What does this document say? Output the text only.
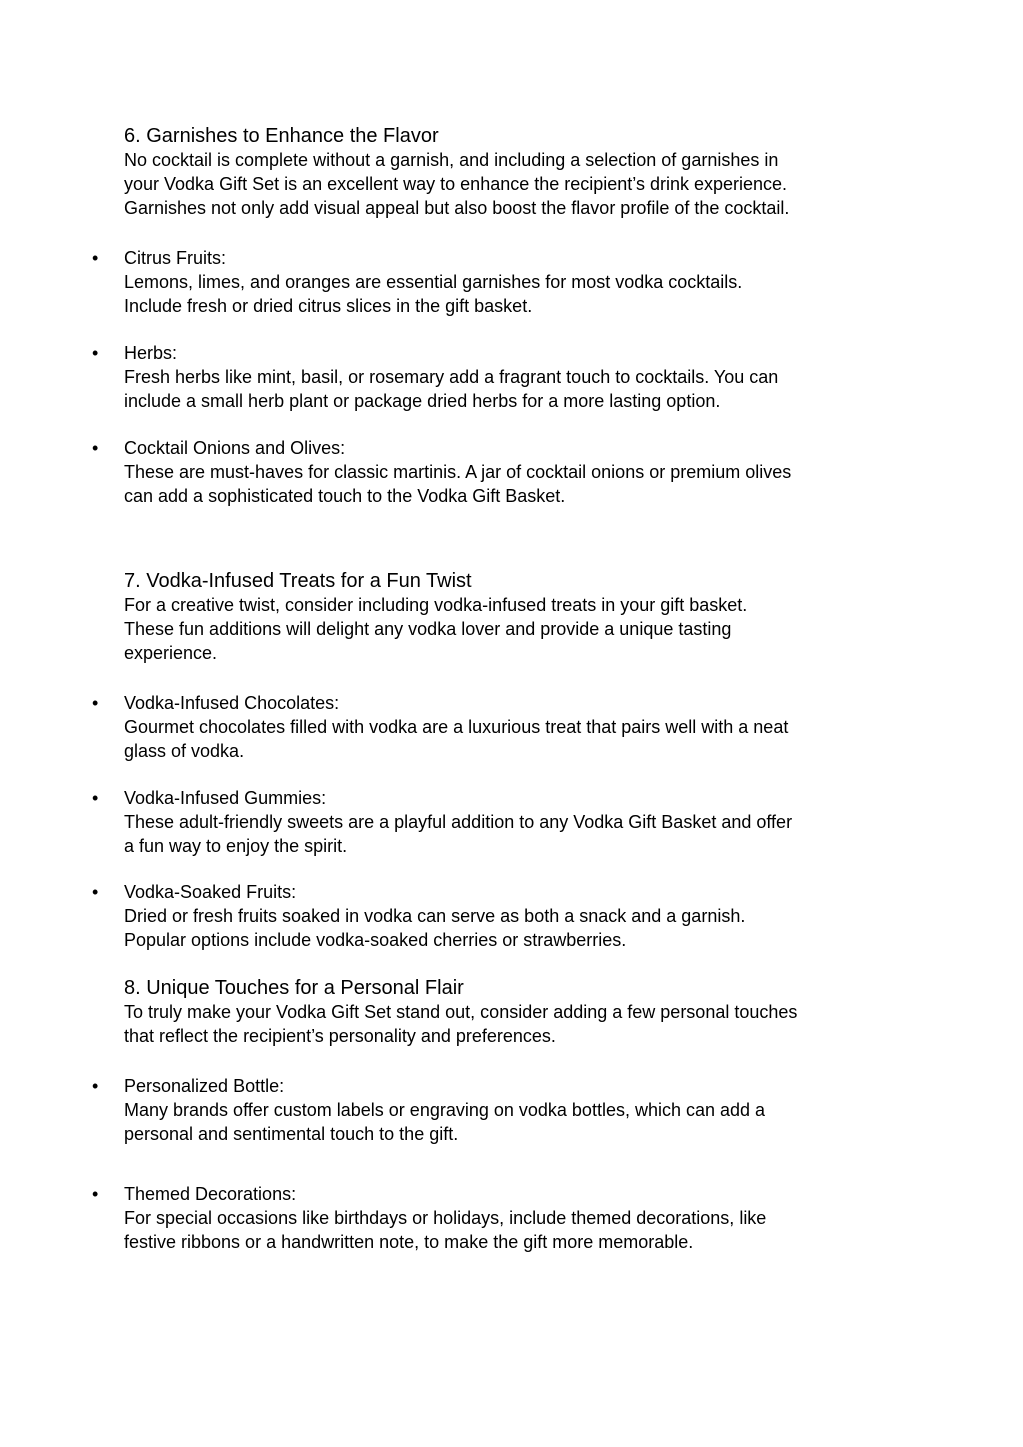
6. Garnishes to Enhance the Flavor

No cocktail is complete without a garnish, and including a selection of garnishes in

your Vodka Gift Set is an excellent way to enhance the recipient’s drink experience.

Garnishes not only add visual appeal but also boost the flavor profile of the cocktail.

• Citrus Fruits:

Lemons, limes, and oranges are essential garnishes for most vodka cocktails.

Include fresh or dried citrus slices in the gift basket.

• Herbs:

Fresh herbs like mint, basil, or rosemary add a fragrant touch to cocktails. You can

include a small herb plant or package dried herbs for a more lasting option.

• Cocktail Onions and Olives:

These are must-haves for classic martinis. A jar of cocktail onions or premium olives

can add a sophisticated touch to the Vodka Gift Basket.

7. Vodka-Infused Treats for a Fun Twist

For a creative twist, consider including vodka-infused treats in your gift basket.

These fun additions will delight any vodka lover and provide a unique tasting

experience.

• Vodka-Infused Chocolates:

Gourmet chocolates filled with vodka are a luxurious treat that pairs well with a neat

glass of vodka.

• Vodka-Infused Gummies:

These adult-friendly sweets are a playful addition to any Vodka Gift Basket and offer

a fun way to enjoy the spirit.

• Vodka-Soaked Fruits:

Dried or fresh fruits soaked in vodka can serve as both a snack and a garnish.

Popular options include vodka-soaked cherries or strawberries.

8. Unique Touches for a Personal Flair

To truly make your Vodka Gift Set stand out, consider adding a few personal touches

that reflect the recipient’s personality and preferences.

• Personalized Bottle:

Many brands offer custom labels or engraving on vodka bottles, which can add a

personal and sentimental touch to the gift.

• Themed Decorations:

For special occasions like birthdays or holidays, include themed decorations, like

festive ribbons or a handwritten note, to make the gift more memorable.
